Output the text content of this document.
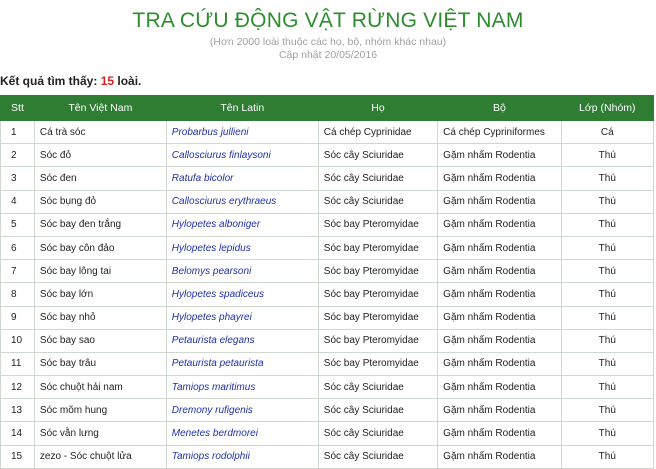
TRA CỨU ĐỘNG VẬT RỪNG VIỆT NAM
(Hơn 2000 loài thuộc các họ, bộ, nhóm khác nhau)
Cập nhật 20/05/2016
Kết quả tìm thấy: 15 loài.
Stt	Tên Việt Nam	Tên Latin	Họ	Bộ	Lớp (Nhóm)
1	Cá trà sóc	Probarbus jullieni	Cá chép Cyprinidae	Cá chép Cypriniformes	Cá
2	Sóc đỏ	Callosciurus finlaysoni	Sóc cây Sciuridae	Gặm nhấm Rodentia	Thú
3	Sóc đen	Ratufa bicolor	Sóc cây Sciuridae	Gặm nhấm Rodentia	Thú
4	Sóc bụng đỏ	Callosciurus erythraeus	Sóc cây Sciuridae	Gặm nhấm Rodentia	Thú
5	Sóc bay đen trắng	Hylopetes alboniger	Sóc bay Pteromyidae	Gặm nhấm Rodentia	Thú
6	Sóc bay côn đảo	Hylopetes lepidus	Sóc bay Pteromyidae	Gặm nhấm Rodentia	Thú
7	Sóc bay lông tai	Belomys pearsoni	Sóc bay Pteromyidae	Gặm nhấm Rodentia	Thú
8	Sóc bay lớn	Hylopetes spadiceus	Sóc bay Pteromyidae	Gặm nhấm Rodentia	Thú
9	Sóc bay nhỏ	Hylopetes phayrei	Sóc bay Pteromyidae	Gặm nhấm Rodentia	Thú
10	Sóc bay sao	Petaurista elegans	Sóc bay Pteromyidae	Gặm nhấm Rodentia	Thú
11	Sóc bay trâu	Petaurista petaurista	Sóc bay Pteromyidae	Gặm nhấm Rodentia	Thú
12	Sóc chuột hải nam	Tamiops maritimus	Sóc cây Sciuridae	Gặm nhấm Rodentia	Thú
13	Sóc mõm hung	Dremony rufigenis	Sóc cây Sciuridae	Gặm nhấm Rodentia	Thú
14	Sóc vằn lưng	Menetes berdmorei	Sóc cây Sciuridae	Gặm nhấm Rodentia	Thú
15	zezo - Sóc chuột lửa	Tamiops rodolphii	Sóc cây Sciuridae	Gặm nhấm Rodentia	Thú
